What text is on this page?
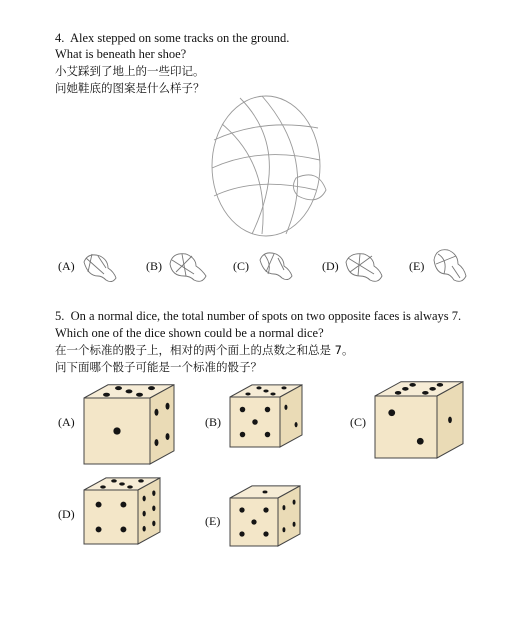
4. Alex stepped on some tracks on the ground.
What is beneath her shoe?
小艾踩到了地上的一些印记。
问她鞋底的图案是什么样子？
(A)	(B)	(C)	(D)	(E)
5. On a normal dice, the total number of spots on two opposite faces is always 7.
Which one of the dice shown could be a normal dice?
在一个标准的骰子上，相对的两个面上的点数之和总是 7。
问下面哪个骰子可能是一个标准的骰子？
(A)	(B)	(C)
(D)	(E)
